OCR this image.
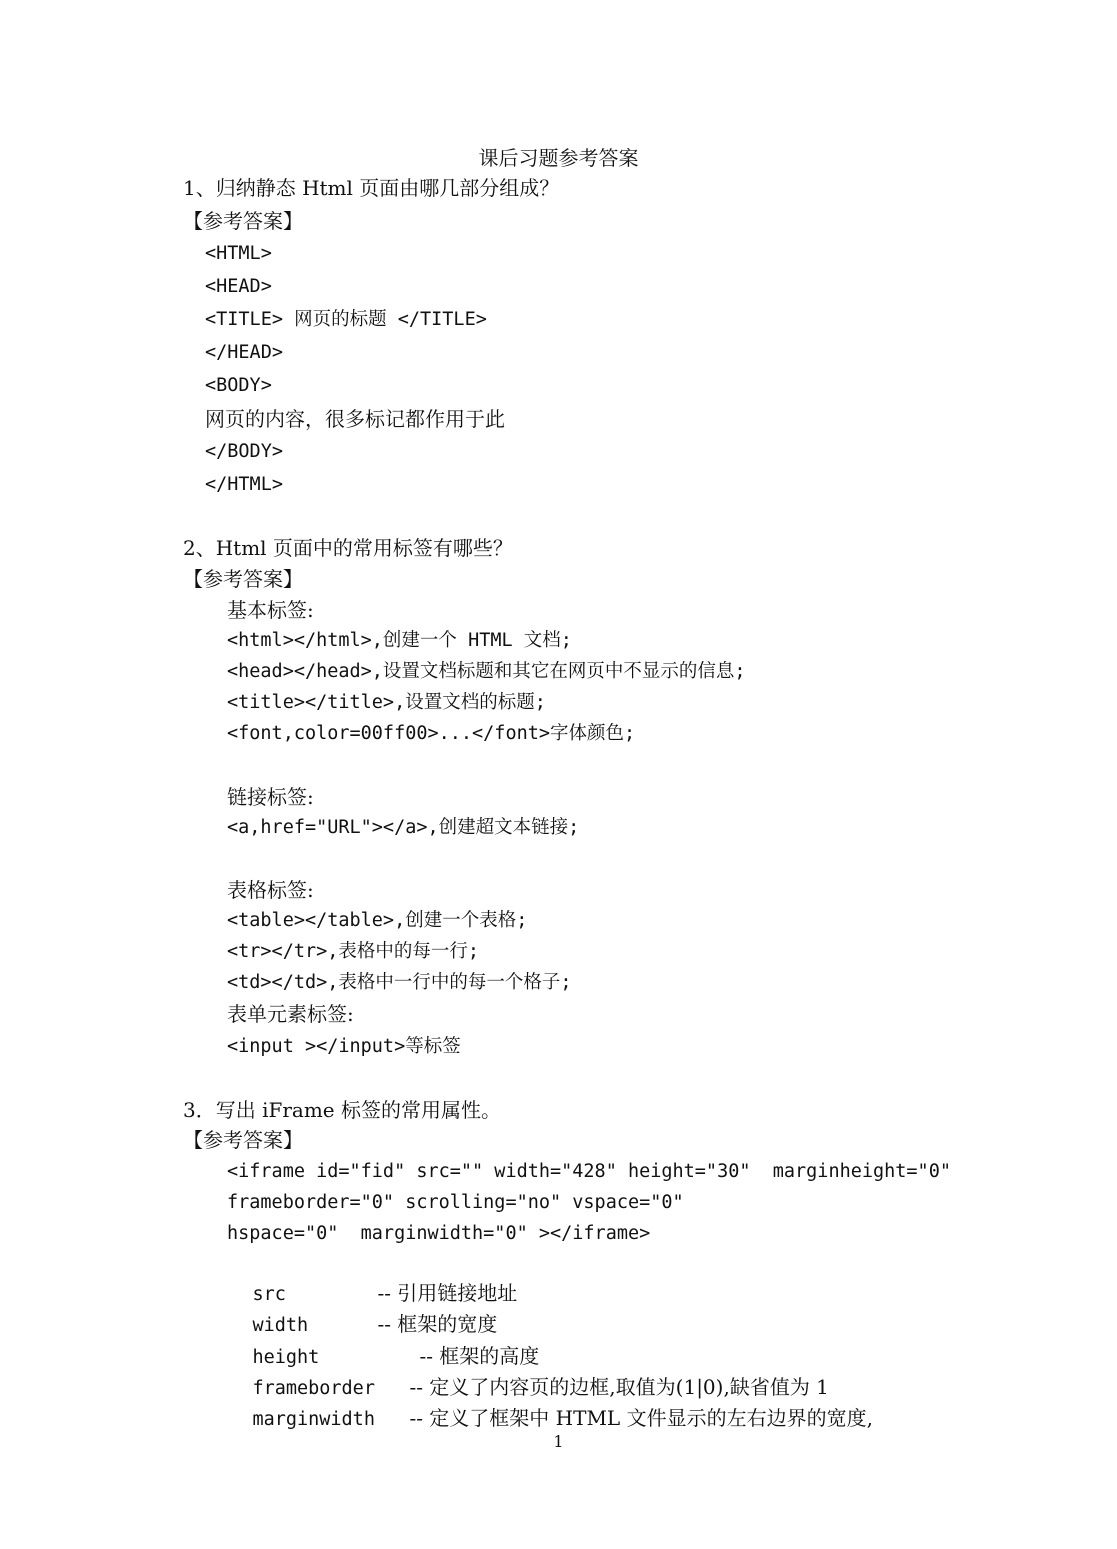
课后习题参考答案
1、归纳静态 Html 页面由哪几部分组成？
【参考答案】
<HTML>
<HEAD>
<TITLE> 网页的标题 </TITLE>
</HEAD>
<BODY>
网页的内容，很多标记都作用于此
</BODY>
</HTML>
2、Html 页面中的常用标签有哪些？
【参考答案】
基本标签:
<html></html>,创建一个 HTML 文档;
<head></head>,设置文档标题和其它在网页中不显示的信息;
<title></title>,设置文档的标题;
<font,color=00ff00>...</font>字体颜色;
链接标签:
<a,href="URL"></a>,创建超文本链接;
表格标签:
<table></table>,创建一个表格;
<tr></tr>,表格中的每一行;
<td></td>,表格中一行中的每一个格子;
表单元素标签:
<input ></input>等标签
3．写出 iFrame 标签的常用属性。
【参考答案】
<iframe id="fid" src="" width="428" height="30"  marginheight="0"
frameborder="0" scrolling="no" vspace="0"
hspace="0"  marginwidth="0" ></iframe>

src	-- 引用链接地址

width	-- 框架的宽度

height	-- 框架的高度

frameborder -- 定义了内容页的边框,取值为(1|0),缺省值为 1

marginwidth -- 定义了框架中 HTML 文件显示的左右边界的宽度,

1
